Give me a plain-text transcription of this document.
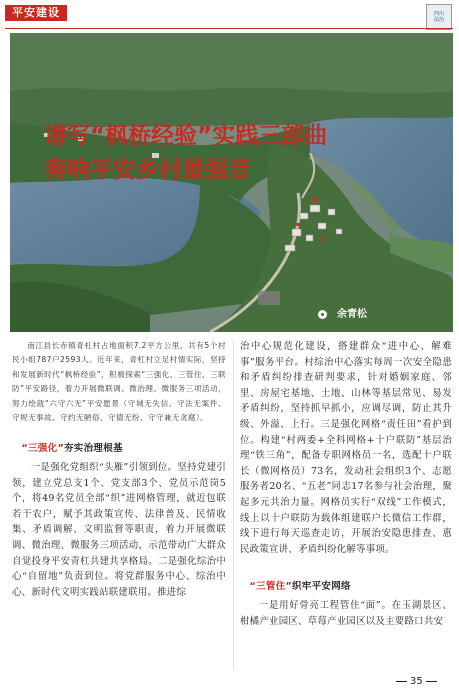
平安建设	四川
法治
谱写“枫桥经验”实践三部曲
奏响平安乡村最强音
余青松

南江县长赤镇青杠村占地面积7.2平方公里，共有5个村民小组787户2593人。近年来，青杠村立足村情实际，坚持和发展新时代“枫桥经验”，积极探索“三强化、三管住、三联防”平安路径，着力开展微联调、微治理、微服务三项活动，努力绘就“六守六无”平安愿景（守城无失信、守法无案件、守规无事故、守约无陋俗、守德无纷、守守兼无贪腐）。

“三强化”夯实治理根基

一是强化党组织“头雁”引领到位。坚持党建引领，建立党总支1个、党支部3个、党员示范岗5个，将49名党员全部“织”进网格管理，就近包联若干农户，赋予其政策宣传、法律普及、民情收集、矛盾调解、文明监督等职责，着力开展微联调、微治理、微服务三项活动，示范带动广大群众自觉投身平安青杠共建共享格局。二是强化综治中心“自留地”负责到位。将党群服务中心、综治中心、新时代文明实践站联建联用。推进综

治中心规范化建设，搭建群众“进中心、解难事”服务平台。村综治中心落实每周一次安全隐患和矛盾纠纷排查研判要求，针对婚姻家庭、邻里、房屋宅基地、土地、山林等基层常见、易发矛盾纠纷，坚持抓早抓小，应调尽调，防止其升级、外溢、上行。三是强化网格“责任田”看护到位。构建“村两委+全科网格+十户联防”基层治理“铁三角”，配备专职网格员一名，选配十户联长（微网格员）73名，发动社会组织3个、志愿服务者20名、“五老”同志17名参与社会治理，聚起多元共治力量。网格员实行“双线”工作模式，线上以十户联防为载体组建联户长微信工作群，线下进行每天巡查走访，开展治安隐患排查、惠民政策宣讲、矛盾纠纷化解等事项。

“三管住”织牢平安网络

一是用好骨亮工程管住“面”。在玉湖景区、柑橘产业园区、草莓产业园区以及主要路口共安

35
